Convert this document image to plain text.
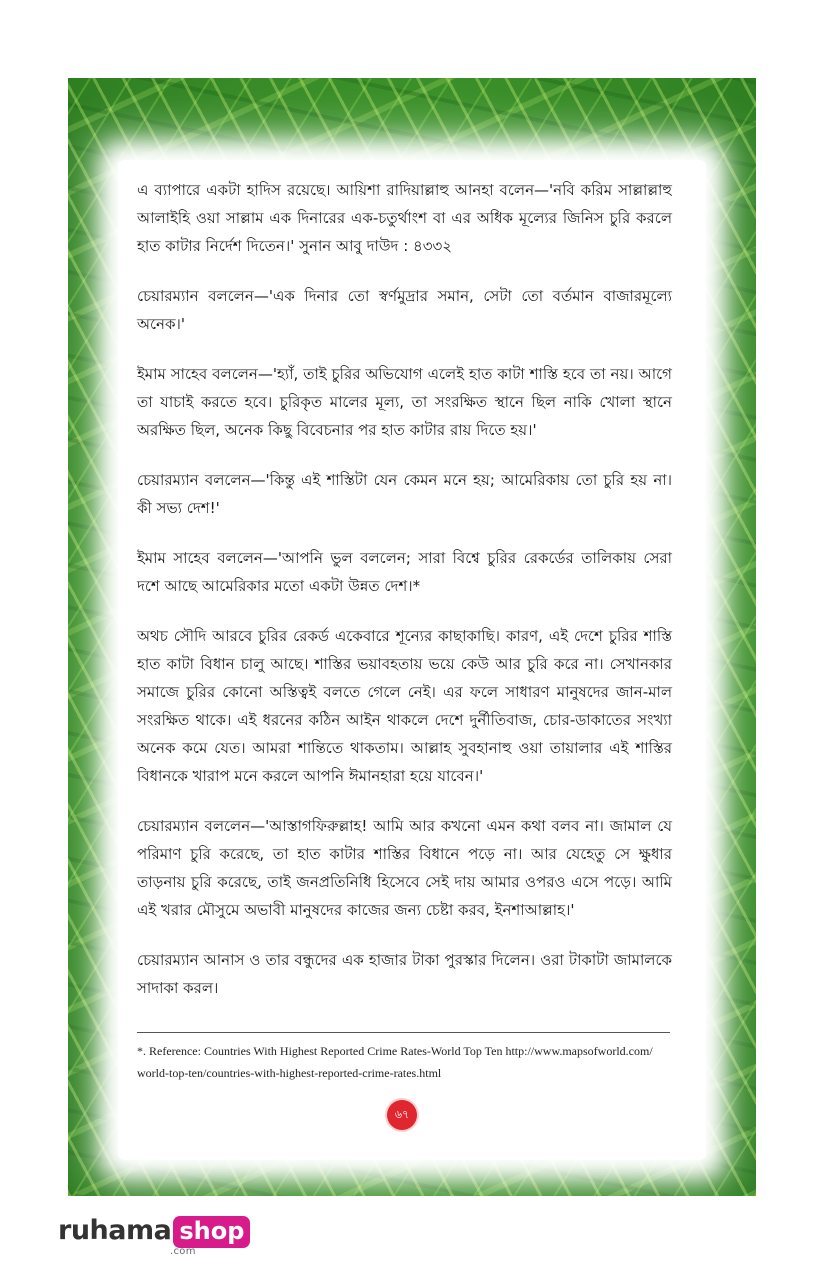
এ ব্যাপারে একটা হাদিস রয়েছে। আয়িশা রাদিয়াল্লাহু আনহা বলেন—'নবি করিম সাল্লাল্লাহু আলাইহি ওয়া সাল্লাম এক দিনারের এক-চতুর্থাংশ বা এর অধিক মূল্যের জিনিস চুরি করলে হাত কাটার নির্দেশ দিতেন।' সুনান আবু দাউদ : ৪৩৩২

চেয়ারম্যান বললেন—'এক দিনার তো স্বর্ণমুদ্রার সমান, সেটা তো বর্তমান বাজারমূল্যে অনেক।'

ইমাম সাহেব বললেন—'হ্যাঁ, তাই চুরির অভিযোগ এলেই হাত কাটা শাস্তি হবে তা নয়। আগে তা যাচাই করতে হবে। চুরিকৃত মালের মূল্য, তা সংরক্ষিত স্থানে ছিল নাকি খোলা স্থানে অরক্ষিত ছিল, অনেক কিছু বিবেচনার পর হাত কাটার রায় দিতে হয়।'

চেয়ারম্যান বললেন—'কিন্তু এই শাস্তিটা যেন কেমন মনে হয়; আমেরিকায় তো চুরি হয় না। কী সভ্য দেশ!'

ইমাম সাহেব বললেন—'আপনি ভুল বললেন; সারা বিশ্বে চুরির রেকর্ডের তালিকায় সেরা দশে আছে আমেরিকার মতো একটা উন্নত দেশ।*

অথচ সৌদি আরবে চুরির রেকর্ড একেবারে শূন্যের কাছাকাছি। কারণ, এই দেশে চুরির শাস্তি হাত কাটা বিধান চালু আছে। শাস্তির ভয়াবহতায় ভয়ে কেউ আর চুরি করে না। সেখানকার সমাজে চুরির কোনো অস্তিত্বই বলতে গেলে নেই। এর ফলে সাধারণ মানুষদের জান-মাল সংরক্ষিত থাকে। এই ধরনের কঠিন আইন থাকলে দেশে দুর্নীতিবাজ, চোর-ডাকাতের সংখ্যা অনেক কমে যেত। আমরা শান্তিতে থাকতাম। আল্লাহ সুবহানাহু ওয়া তায়ালার এই শাস্তির বিধানকে খারাপ মনে করলে আপনি ঈমানহারা হয়ে যাবেন।'

চেয়ারম্যান বললেন—'আস্তাগফিরুল্লাহ! আমি আর কখনো এমন কথা বলব না। জামাল যে পরিমাণ চুরি করেছে, তা হাত কাটার শাস্তির বিধানে পড়ে না। আর যেহেতু সে ক্ষুধার তাড়নায় চুরি করেছে, তাই জনপ্রতিনিধি হিসেবে সেই দায় আমার ওপরও এসে পড়ে। আমি এই খরার মৌসুমে অভাবী মানুষদের কাজের জন্য চেষ্টা করব, ইনশাআল্লাহ।'

চেয়ারম্যান আনাস ও তার বন্ধুদের এক হাজার টাকা পুরস্কার দিলেন। ওরা টাকাটা জামালকে সাদাকা করল।

*. Reference: Countries With Highest Reported Crime Rates-World Top Ten http://www.mapsofworld.com/
world-top-ten/countries-with-highest-reported-crime-rates.html
৬৭
ruhama shop
.com
